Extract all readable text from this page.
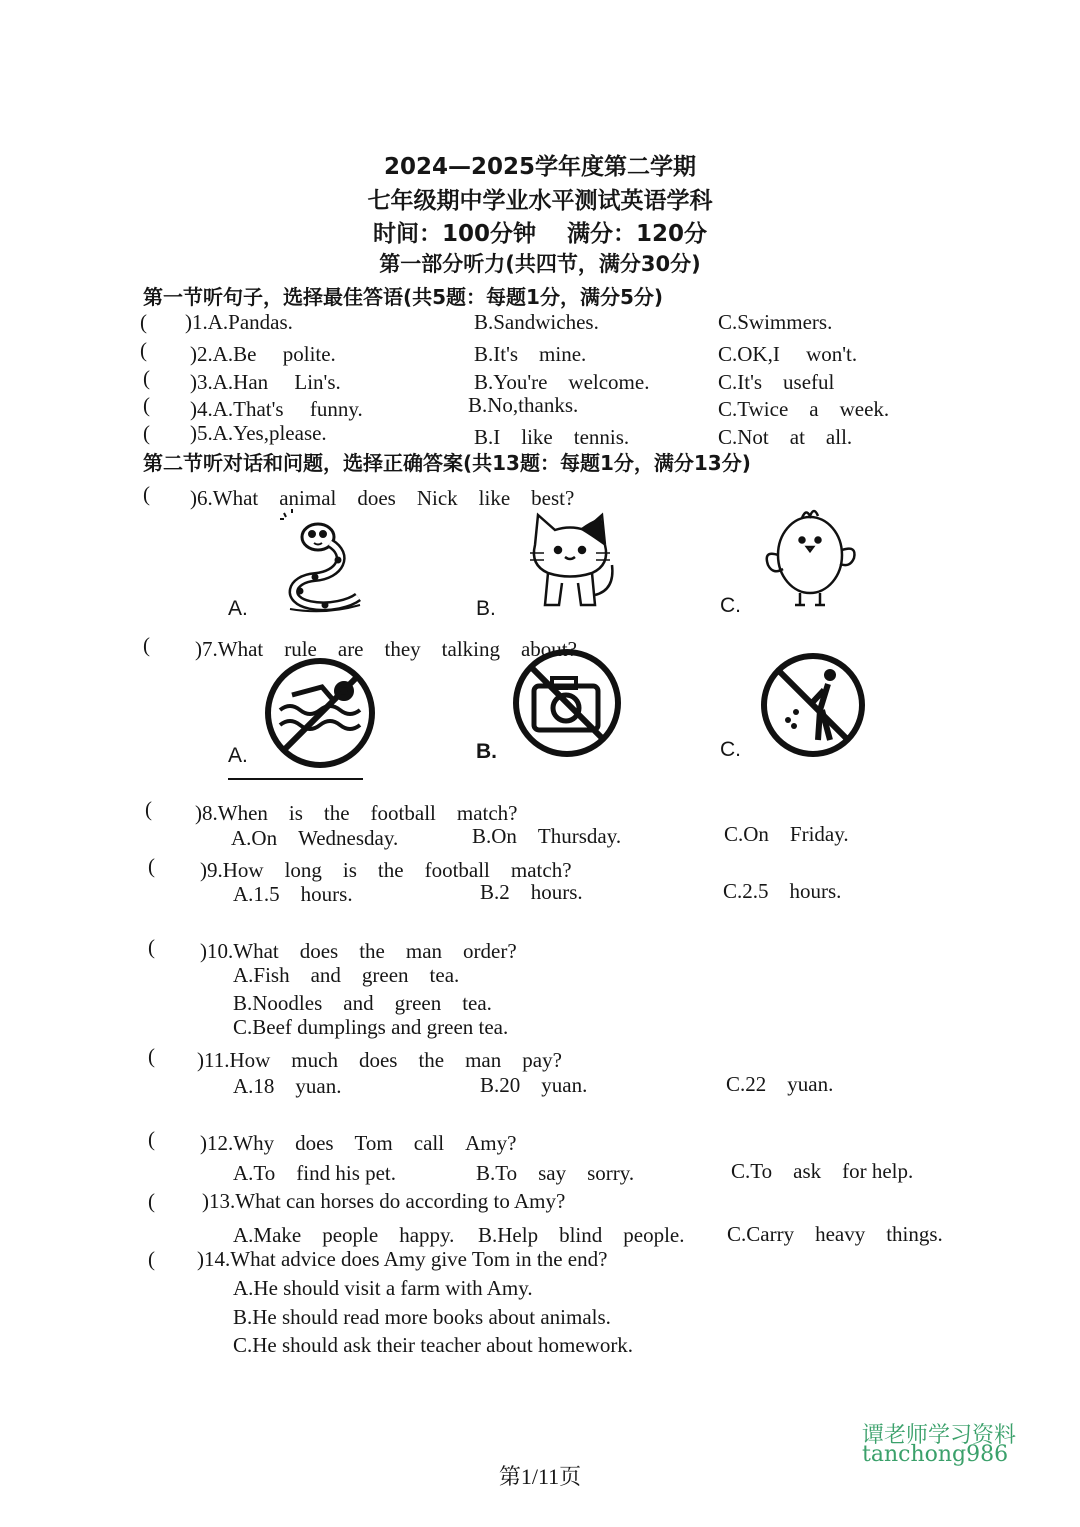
2024—2025学年度第二学期
七年级期中学业水平测试英语学科
时间：100分钟　 满分：120分
第一部分听力(共四节，满分30分)
第一节听句子，选择最佳答语(共5题：每题1分，满分5分)
( )1.A.Pandas.	B.Sandwiches.	C.Swimmers.
( )2.A.Be　 polite.	B.It's　mine.	C.OK,I　 won't.
( )3.A.Han　 Lin's.	B.You're　welcome.	C.It's　useful
( )4.A.That's　 funny.	B.No,thanks.	C.Twice　a　week.
( )5.A.Yes,please.	B.I　like　tennis.	C.Not　at　all.
第二节听对话和问题，选择正确答案(共13题：每题1分，满分13分)
( )6.What　animal　does　Nick　like　best?
A.	B.	C.
( )7.What　rule　are　they　talking　about?
A.	B.	C.
( )8.When　is　the　football　match?
A.On　Wednesday.	B.On　Thursday.	C.On　Friday.
( )9.How　long　is　the　football　match?
A.1.5　hours.	B.2　hours.	C.2.5　hours.
( )10.What　does　the　man　order?
A.Fish　and　green　tea.
B.Noodles　and　green　tea.
C.Beef dumplings and green tea.
( )11.How　much　does　the　man　pay?
A.18　yuan.	B.20　yuan.	C.22　yuan.
( )12.Why　does　Tom　call　Amy?
A.To　find his pet.	B.To　say　sorry.	C.To　ask　for help.
( )13.What can horses do according to Amy?
A.Make　people　happy. B.Help　blind　people. C.Carry　heavy　things.
( )14.What advice does Amy give Tom in the end?
A.He should visit a farm with Amy.
B.He should read more books about animals.
C.He should ask their teacher about homework.
谭老师学习资料
tanchong986
第1/11页
